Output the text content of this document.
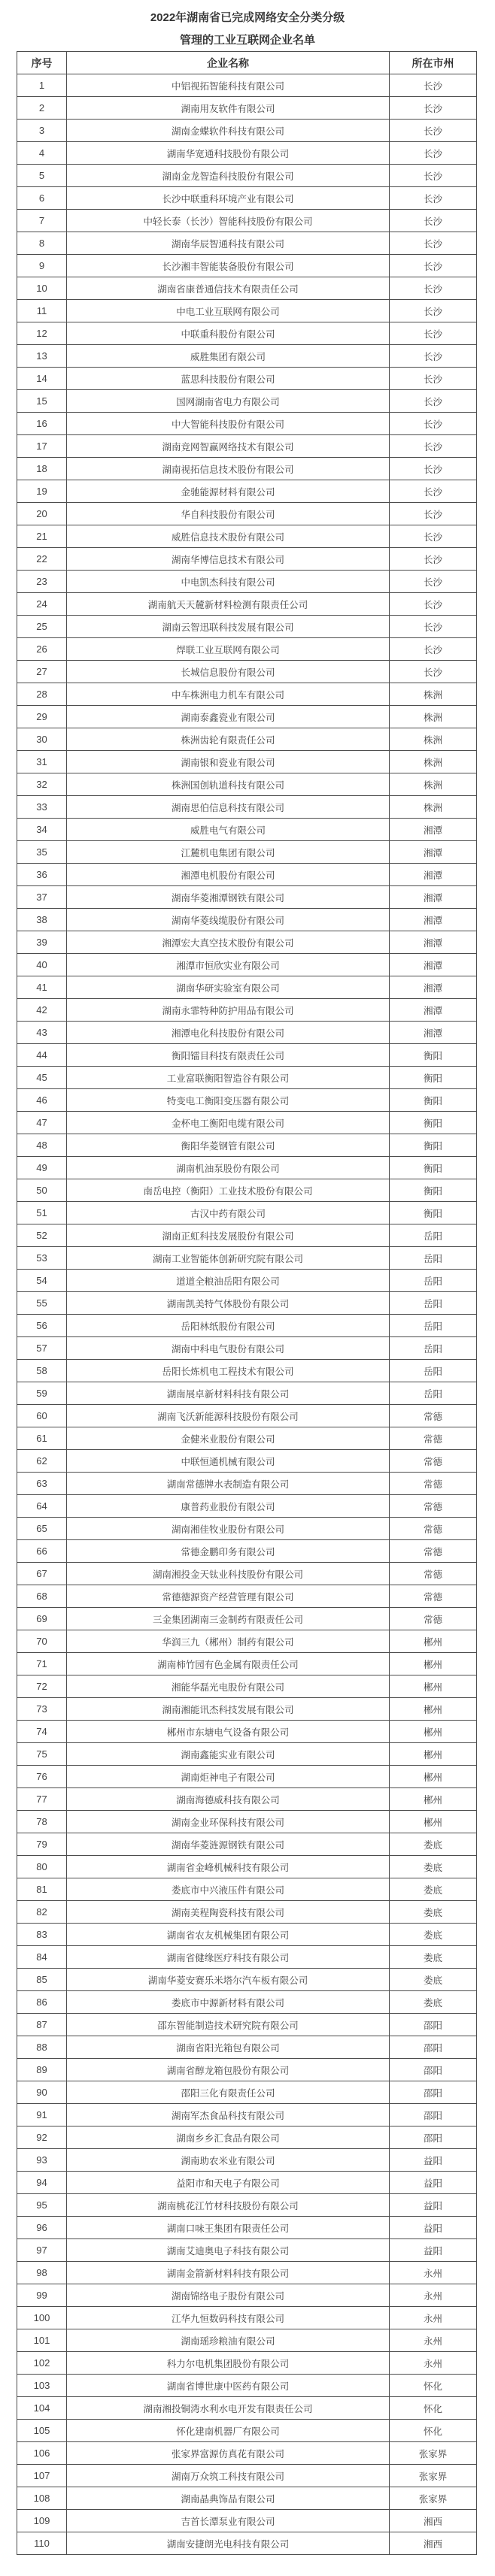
2022年湖南省已完成网络安全分类分级

管理的工业互联网企业名单

序号	企业名称	所在市州
1	中铝视拓智能科技有限公司	长沙
2	湖南用友软件有限公司	长沙
3	湖南金蝶软件科技有限公司	长沙
4	湖南华宽通科技股份有限公司	长沙
5	湖南金龙智造科技股份有限公司	长沙
6	长沙中联重科环境产业有限公司	长沙
7	中轻长泰（长沙）智能科技股份有限公司	长沙
8	湖南华辰智通科技有限公司	长沙
9	长沙湘丰智能装备股份有限公司	长沙
10	湖南省康普通信技术有限责任公司	长沙
11	中电工业互联网有限公司	长沙
12	中联重科股份有限公司	长沙
13	威胜集团有限公司	长沙
14	蓝思科技股份有限公司	长沙
15	国网湖南省电力有限公司	长沙
16	中大智能科技股份有限公司	长沙
17	湖南竞网智赢网络技术有限公司	长沙
18	湖南视拓信息技术股份有限公司	长沙
19	金驰能源材料有限公司	长沙
20	华自科技股份有限公司	长沙
21	威胜信息技术股份有限公司	长沙
22	湖南华博信息技术有限公司	长沙
23	中电凯杰科技有限公司	长沙
24	湖南航天天麓新材料检测有限责任公司	长沙
25	湖南云智迅联科技发展有限公司	长沙
26	焊联工业互联网有限公司	长沙
27	长城信息股份有限公司	长沙
28	中车株洲电力机车有限公司	株洲
29	湖南泰鑫瓷业有限公司	株洲
30	株洲齿轮有限责任公司	株洲
31	湖南银和瓷业有限公司	株洲
32	株洲国创轨道科技有限公司	株洲
33	湖南思伯信息科技有限公司	株洲
34	威胜电气有限公司	湘潭
35	江麓机电集团有限公司	湘潭
36	湘潭电机股份有限公司	湘潭
37	湖南华菱湘潭钢铁有限公司	湘潭
38	湖南华菱线缆股份有限公司	湘潭
39	湘潭宏大真空技术股份有限公司	湘潭
40	湘潭市恒欣实业有限公司	湘潭
41	湖南华研实验室有限公司	湘潭
42	湖南永霏特种防护用品有限公司	湘潭
43	湘潭电化科技股份有限公司	湘潭
44	衡阳镭目科技有限责任公司	衡阳
45	工业富联衡阳智造谷有限公司	衡阳
46	特变电工衡阳变压器有限公司	衡阳
47	金杯电工衡阳电缆有限公司	衡阳
48	衡阳华菱钢管有限公司	衡阳
49	湖南机油泵股份有限公司	衡阳
50	南岳电控（衡阳）工业技术股份有限公司	衡阳
51	古汉中药有限公司	衡阳
52	湖南正虹科技发展股份有限公司	岳阳
53	湖南工业智能体创新研究院有限公司	岳阳
54	道道全粮油岳阳有限公司	岳阳
55	湖南凯美特气体股份有限公司	岳阳
56	岳阳林纸股份有限公司	岳阳
57	湖南中科电气股份有限公司	岳阳
58	岳阳长炼机电工程技术有限公司	岳阳
59	湖南展卓新材料科技有限公司	岳阳
60	湖南飞沃新能源科技股份有限公司	常德
61	金健米业股份有限公司	常德
62	中联恒通机械有限公司	常德
63	湖南常德牌水表制造有限公司	常德
64	康普药业股份有限公司	常德
65	湖南湘佳牧业股份有限公司	常德
66	常德金鹏印务有限公司	常德
67	湖南湘投金天钛业科技股份有限公司	常德
68	常德德源资产经营管理有限公司	常德
69	三金集团湖南三金制药有限责任公司	常德
70	华润三九（郴州）制药有限公司	郴州
71	湖南柿竹园有色金属有限责任公司	郴州
72	湘能华磊光电股份有限公司	郴州
73	湖南湘能讯杰科技发展有限公司	郴州
74	郴州市东塘电气设备有限公司	郴州
75	湖南鑫能实业有限公司	郴州
76	湖南炬神电子有限公司	郴州
77	湖南海德威科技有限公司	郴州
78	湖南金业环保科技有限公司	郴州
79	湖南华菱涟源钢铁有限公司	娄底
80	湖南省金峰机械科技有限公司	娄底
81	娄底市中兴液压件有限公司	娄底
82	湖南美程陶瓷科技有限公司	娄底
83	湖南省农友机械集团有限公司	娄底
84	湖南省健缘医疗科技有限公司	娄底
85	湖南华菱安赛乐米塔尔汽车板有限公司	娄底
86	娄底市中源新材料有限公司	娄底
87	邵东智能制造技术研究院有限公司	邵阳
88	湖南省阳光箱包有限公司	邵阳
89	湖南省醇龙箱包股份有限公司	邵阳
90	邵阳三化有限责任公司	邵阳
91	湖南军杰食品科技有限公司	邵阳
92	湖南乡乡汇食品有限公司	邵阳
93	湖南助农米业有限公司	益阳
94	益阳市和天电子有限公司	益阳
95	湖南桃花江竹材科技股份有限公司	益阳
96	湖南口味王集团有限责任公司	益阳
97	湖南艾迪奥电子科技有限公司	益阳
98	湖南金箭新材料科技有限公司	永州
99	湖南锦络电子股份有限公司	永州
100	江华九恒数码科技有限公司	永州
101	湖南瑶珍粮油有限公司	永州
102	科力尔电机集团股份有限公司	永州
103	湖南省博世康中医药有限公司	怀化
104	湖南湘投铜湾水利水电开发有限责任公司	怀化
105	怀化建南机器厂有限公司	怀化
106	张家界富源仿真花有限公司	张家界
107	湖南万众筑工科技有限公司	张家界
108	湖南晶典饰品有限公司	张家界
109	吉首长潭泵业有限公司	湘西
110	湖南安捷朗光电科技有限公司	湘西
